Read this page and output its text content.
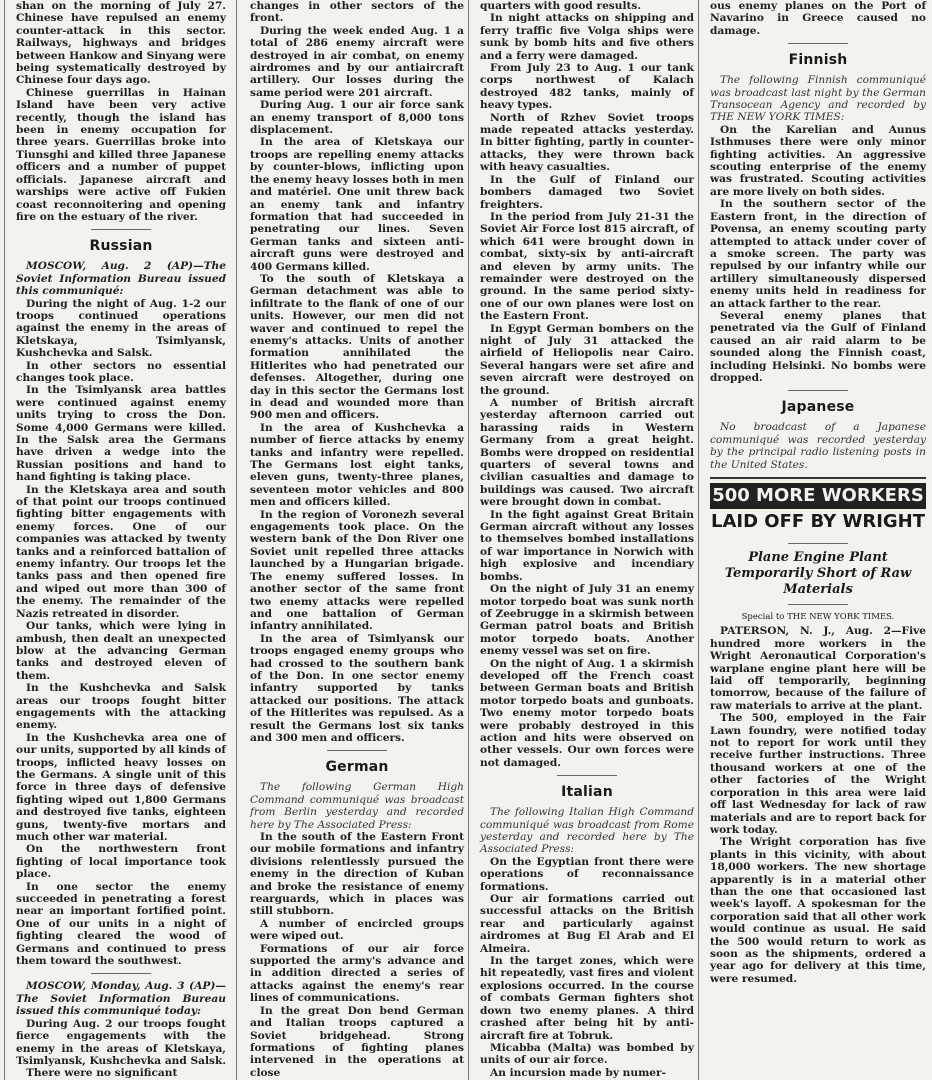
shan on the morning of July 27. Chinese have repulsed an enemy counter-attack in this sector. Railways, highways and bridges between Hankow and Sinyang were being systematically destroyed by Chinese four days ago.

Chinese guerrillas in Hainan Island have been very active recently, though the island has been in enemy occupation for three years. Guerrillas broke into Tiunsghi and killed three Japanese officers and a number of puppet officials. Japanese aircraft and warships were active off Fukien coast reconnoitering and opening fire on the estuary of the river.

Russian

MOSCOW, Aug. 2 (AP)—The Soviet Information Bureau issued this communiqué:

During the night of Aug. 1-2 our troops continued operations against the enemy in the areas of Kletskaya, Tsimlyansk, Kushchevka and Salsk.

In other sectors no essential changes took place.

In the Tsimlyansk area battles were continued against enemy units trying to cross the Don. Some 4,000 Germans were killed. In the Salsk area the Germans have driven a wedge into the Russian positions and hand to hand fighting is taking place.

In the Kletskaya area and south of that point our troops continued fighting bitter engagements with enemy forces. One of our companies was attacked by twenty tanks and a reinforced battalion of enemy infantry. Our troops let the tanks pass and then opened fire and wiped out more than 300 of the enemy. The remainder of the Nazis retreated in disorder.

Our tanks, which were lying in ambush, then dealt an unexpected blow at the advancing German tanks and destroyed eleven of them.

In the Kushchevka and Salsk areas our troops fought bitter engagements with the attacking enemy.

In the Kushchevka area one of our units, supported by all kinds of troops, inflicted heavy losses on the Germans. A single unit of this force in three days of defensive fighting wiped out 1,800 Germans and destroyed five tanks, eighteen guns, twenty-five mortars and much other war material.

On the northwestern front fighting of local importance took place.

In one sector the enemy succeeded in penetrating a forest near an important fortified point. One of our units in a night of fighting cleared the wood of Germans and continued to press them toward the southwest.

MOSCOW, Monday, Aug. 3 (AP)—The Soviet Information Bureau issued this communiqué today:

During Aug. 2 our troops fought fierce engagements with the enemy in the areas of Kletskaya, Tsimlyansk, Kushchevka and Salsk.

There were no significant

changes in other sectors of the front.

During the week ended Aug. 1 a total of 286 enemy aircraft were destroyed in air combat, on enemy airdromes and by our antiaircraft artillery. Our losses during the same period were 201 aircraft.

During Aug. 1 our air force sank an enemy transport of 8,000 tons displacement.

In the area of Kletskaya our troops are repelling enemy attacks by counter-blows, inflicting upon the enemy heavy losses both in men and matériel. One unit threw back an enemy tank and infantry formation that had succeeded in penetrating our lines. Seven German tanks and sixteen anti-aircraft guns were destroyed and 400 Germans killed.

To the south of Kletskaya a German detachment was able to infiltrate to the flank of one of our units. However, our men did not waver and continued to repel the enemy's attacks. Units of another formation annihilated the Hitlerites who had penetrated our defenses. Altogether, during one day in this sector the Germans lost in dead and wounded more than 900 men and officers.

In the area of Kushchevka a number of fierce attacks by enemy tanks and infantry were repelled. The Germans lost eight tanks, eleven guns, twenty-three planes, seventeen motor vehicles and 800 men and officers killed.

In the region of Voronezh several engagements took place. On the western bank of the Don River one Soviet unit repelled three attacks launched by a Hungarian brigade. The enemy suffered losses. In another sector of the same front two enemy attacks were repelled and one battalion of German infantry annihilated.

In the area of Tsimlyansk our troops engaged enemy groups who had crossed to the southern bank of the Don. In one sector enemy infantry supported by tanks attacked our positions. The attack of the Hitlerites was repulsed. As a result the Germans lost six tanks and 300 men and officers.

German

The following German High Command communiqué was broadcast from Berlin yesterday and recorded here by The Associated Press:

In the south of the Eastern Front our mobile formations and infantry divisions relentlessly pursued the enemy in the direction of Kuban and broke the resistance of enemy rearguards, which in places was still stubborn.

A number of encircled groups were wiped out.

Formations of our air force supported the army's advance and in addition directed a series of attacks against the enemy's rear lines of communications.

In the great Don bend German and Italian troops captured a Soviet bridgehead. Strong formations of fighting planes intervened in the operations at close

quarters with good results.

In night attacks on shipping and ferry traffic five Volga ships were sunk by bomb hits and five others and a ferry were damaged.

From July 23 to Aug. 1 our tank corps northwest of Kalach destroyed 482 tanks, mainly of heavy types.

North of Rzhev Soviet troops made repeated attacks yesterday. In bitter fighting, partly in counter-attacks, they were thrown back with heavy casualties.

In the Gulf of Finland our bombers damaged two Soviet freighters.

In the period from July 21-31 the Soviet Air Force lost 815 aircraft, of which 641 were brought down in combat, sixty-six by anti-aircraft and eleven by army units. The remainder were destroyed on the ground. In the same period sixty-one of our own planes were lost on the Eastern Front.

In Egypt German bombers on the night of July 31 attacked the airfield of Heliopolis near Cairo. Several hangars were set afire and seven aircraft were destroyed on the ground.

A number of British aircraft yesterday afternoon carried out harassing raids in Western Germany from a great height. Bombs were dropped on residential quarters of several towns and civilian casualties and damage to buildings was caused. Two aircraft were brought down in combat.

In the fight against Great Britain German aircraft without any losses to themselves bombed installations of war importance in Norwich with high explosive and incendiary bombs.

On the night of July 31 an enemy motor torpedo boat was sunk north of Zeebrugge in a skirmish between German patrol boats and British motor torpedo boats. Another enemy vessel was set on fire.

On the night of Aug. 1 a skirmish developed off the French coast between German boats and British motor torpedo boats and gunboats. Two enemy motor torpedo boats were probably destroyed in this action and hits were observed on other vessels. Our own forces were not damaged.

Italian

The following Italian High Command communiqué was broadcast from Rome yesterday and recorded here by The Associated Press:

On the Egyptian front there were operations of reconnaissance formations.

Our air formations carried out successful attacks on the British rear and particularly against airdromes at Bug El Arab and El Almeira.

In the target zones, which were hit repeatedly, vast fires and violent explosions occurred. In the course of combats German fighters shot down two enemy planes. A third crashed after being hit by anti-aircraft fire at Tobruk.

Micabba (Malta) was bombed by units of our air force.

An incursion made by numer-

ous enemy planes on the Port of Navarino in Greece caused no damage.

Finnish

The following Finnish communiqué was broadcast last night by the German Transocean Agency and recorded by THE NEW YORK TIMES:

On the Karelian and Aunus Isthmuses there were only minor fighting activities. An aggressive scouting enterprise of the enemy was frustrated. Scouting activities are more lively on both sides.

In the southern sector of the Eastern front, in the direction of Povensa, an enemy scouting party attempted to attack under cover of a smoke screen. The party was repulsed by our infantry while our artillery simultaneously dispersed enemy units held in readiness for an attack farther to the rear.

Several enemy planes that penetrated via the Gulf of Finland caused an air raid alarm to be sounded along the Finnish coast, including Helsinki. No bombs were dropped.

Japanese

No broadcast of a Japanese communiqué was recorded yesterday by the principal radio listening posts in the United States.

500 MORE WORKERS
LAID OFF BY WRIGHT
Plane Engine Plant Temporarily Short of Raw Materials
Special to THE NEW YORK TIMES.

PATERSON, N. J., Aug. 2—Five hundred more workers in the Wright Aeronautical Corporation's warplane engine plant here will be laid off temporarily, beginning tomorrow, because of the failure of raw materials to arrive at the plant.

The 500, employed in the Fair Lawn foundry, were notified today not to report for work until they receive further instructions. Three thousand workers at one of the other factories of the Wright corporation in this area were laid off last Wednesday for lack of raw materials and are to report back for work today.

The Wright corporation has five plants in this vicinity, with about 18,000 workers. The new shortage apparently is in a material other than the one that occasioned last week's layoff. A spokesman for the corporation said that all other work would continue as usual. He said the 500 would return to work as soon as the shipments, ordered a year ago for delivery at this time, were resumed.
